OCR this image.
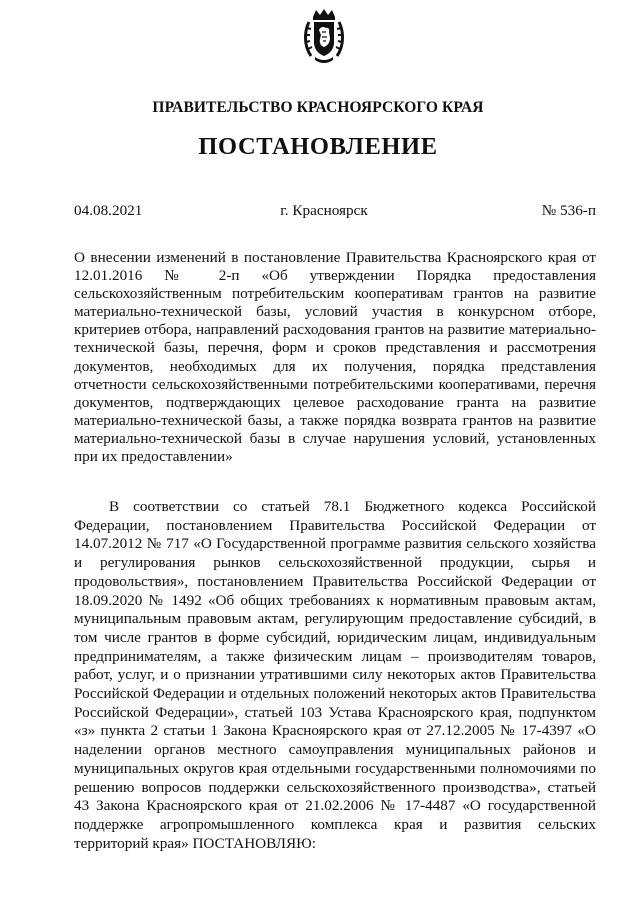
ПРАВИТЕЛЬСТВО КРАСНОЯРСКОГО КРАЯ
ПОСТАНОВЛЕНИЕ
04.08.2021	г. Красноярск	№ 536-п
О внесении изменений в постановление Правительства Красноярского края от 12.01.2016 № 2-п «Об утверждении Порядка предоставления сельскохозяйственным потребительским кооперативам грантов на развитие материально-технической базы, условий участия в конкурсном отборе, критериев отбора, направлений расходования грантов на развитие материально-технической базы, перечня, форм и сроков представления и рассмотрения документов, необходимых для их получения, порядка представления отчетности сельскохозяйственными потребительскими кооперативами, перечня документов, подтверждающих целевое расходование гранта на развитие материально-технической базы, а также порядка возврата грантов на развитие материально-технической базы в случае нарушения условий, установленных при их предоставлении»
В соответствии со статьей 78.1 Бюджетного кодекса Российской Федерации, постановлением Правительства Российской Федерации от 14.07.2012 № 717 «О Государственной программе развития сельского хозяйства и регулирования рынков сельскохозяйственной продукции, сырья и продовольствия», постановлением Правительства Российской Федерации от 18.09.2020 № 1492 «Об общих требованиях к нормативным правовым актам, муниципальным правовым актам, регулирующим предоставление субсидий, в том числе грантов в форме субсидий, юридическим лицам, индивидуальным предпринимателям, а также физическим лицам – производителям товаров, работ, услуг, и о признании утратившими силу некоторых актов Правительства Российской Федерации и отдельных положений некоторых актов Правительства Российской Федерации», статьей 103 Устава Красноярского края, подпунктом «з» пункта 2 статьи 1 Закона Красноярского края от 27.12.2005 № 17-4397 «О наделении органов местного самоуправления муниципальных районов и муниципальных округов края отдельными государственными полномочиями по решению вопросов поддержки сельскохозяйственного производства», статьей 43 Закона Красноярского края от 21.02.2006 № 17-4487 «О государственной поддержке агропромышленного комплекса края и развития сельских территорий края» ПОСТАНОВЛЯЮ:
